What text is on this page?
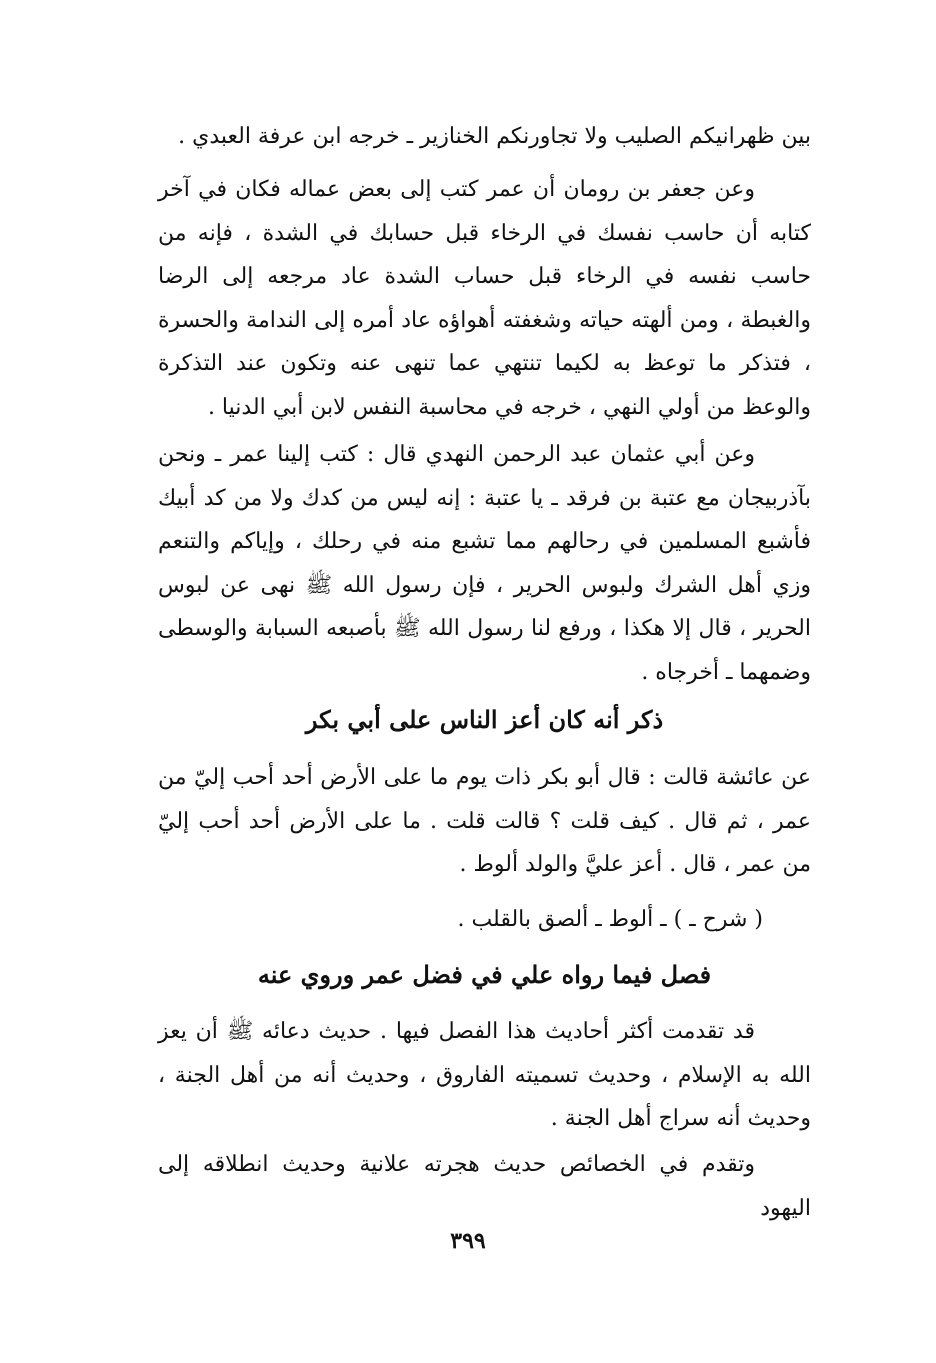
بين ظهرانيكم الصليب ولا تجاورنكم الخنازير ـ خرجه ابن عرفة العبدي .

وعن جعفر بن رومان أن عمر كتب إلى بعض عماله فكان في آخر كتابه أن حاسب نفسك في الرخاء قبل حسابك في الشدة ، فإنه من حاسب نفسه في الرخاء قبل حساب الشدة عاد مرجعه إلى الرضا والغبطة ، ومن ألهته حياته وشغفته أهواؤه عاد أمره إلى الندامة والحسرة ، فتذكر ما توعظ به لكيما تنتهي عما تنهى عنه وتكون عند التذكرة والوعظ من أولي النهي ، خرجه في محاسبة النفس لابن أبي الدنيا .

وعن أبي عثمان عبد الرحمن النهدي قال : كتب إلينا عمر ـ ونحن بآذربيجان مع عتبة بن فرقد ـ يا عتبة : إنه ليس من كدك ولا من كد أبيك فأشبع المسلمين في رحالهم مما تشبع منه في رحلك ، وإياكم والتنعم وزي أهل الشرك ولبوس الحرير ، فإن رسول الله ﷺ نهى عن لبوس الحرير ، قال إلا هكذا ، ورفع لنا رسول الله ﷺ بأصبعه السبابة والوسطى وضمهما ـ أخرجاه .

ذكر أنه كان أعز الناس على أبي بكر

عن عائشة قالت : قال أبو بكر ذات يوم ما على الأرض أحد أحب إليّ من عمر ، ثم قال . كيف قلت ؟ قالت قلت . ما على الأرض أحد أحب إليّ من عمر ، قال . أعز عليَّ والولد ألوط .

( شرح ـ ) ـ ألوط ـ ألصق بالقلب .

فصل فيما رواه علي في فضل عمر وروي عنه

قد تقدمت أكثر أحاديث هذا الفصل فيها . حديث دعائه ﷺ أن يعز الله به الإسلام ، وحديث تسميته الفاروق ، وحديث أنه من أهل الجنة ، وحديث أنه سراج أهل الجنة .

وتقدم في الخصائص حديث هجرته علانية وحديث انطلاقه إلى اليهود

٣٩٩
